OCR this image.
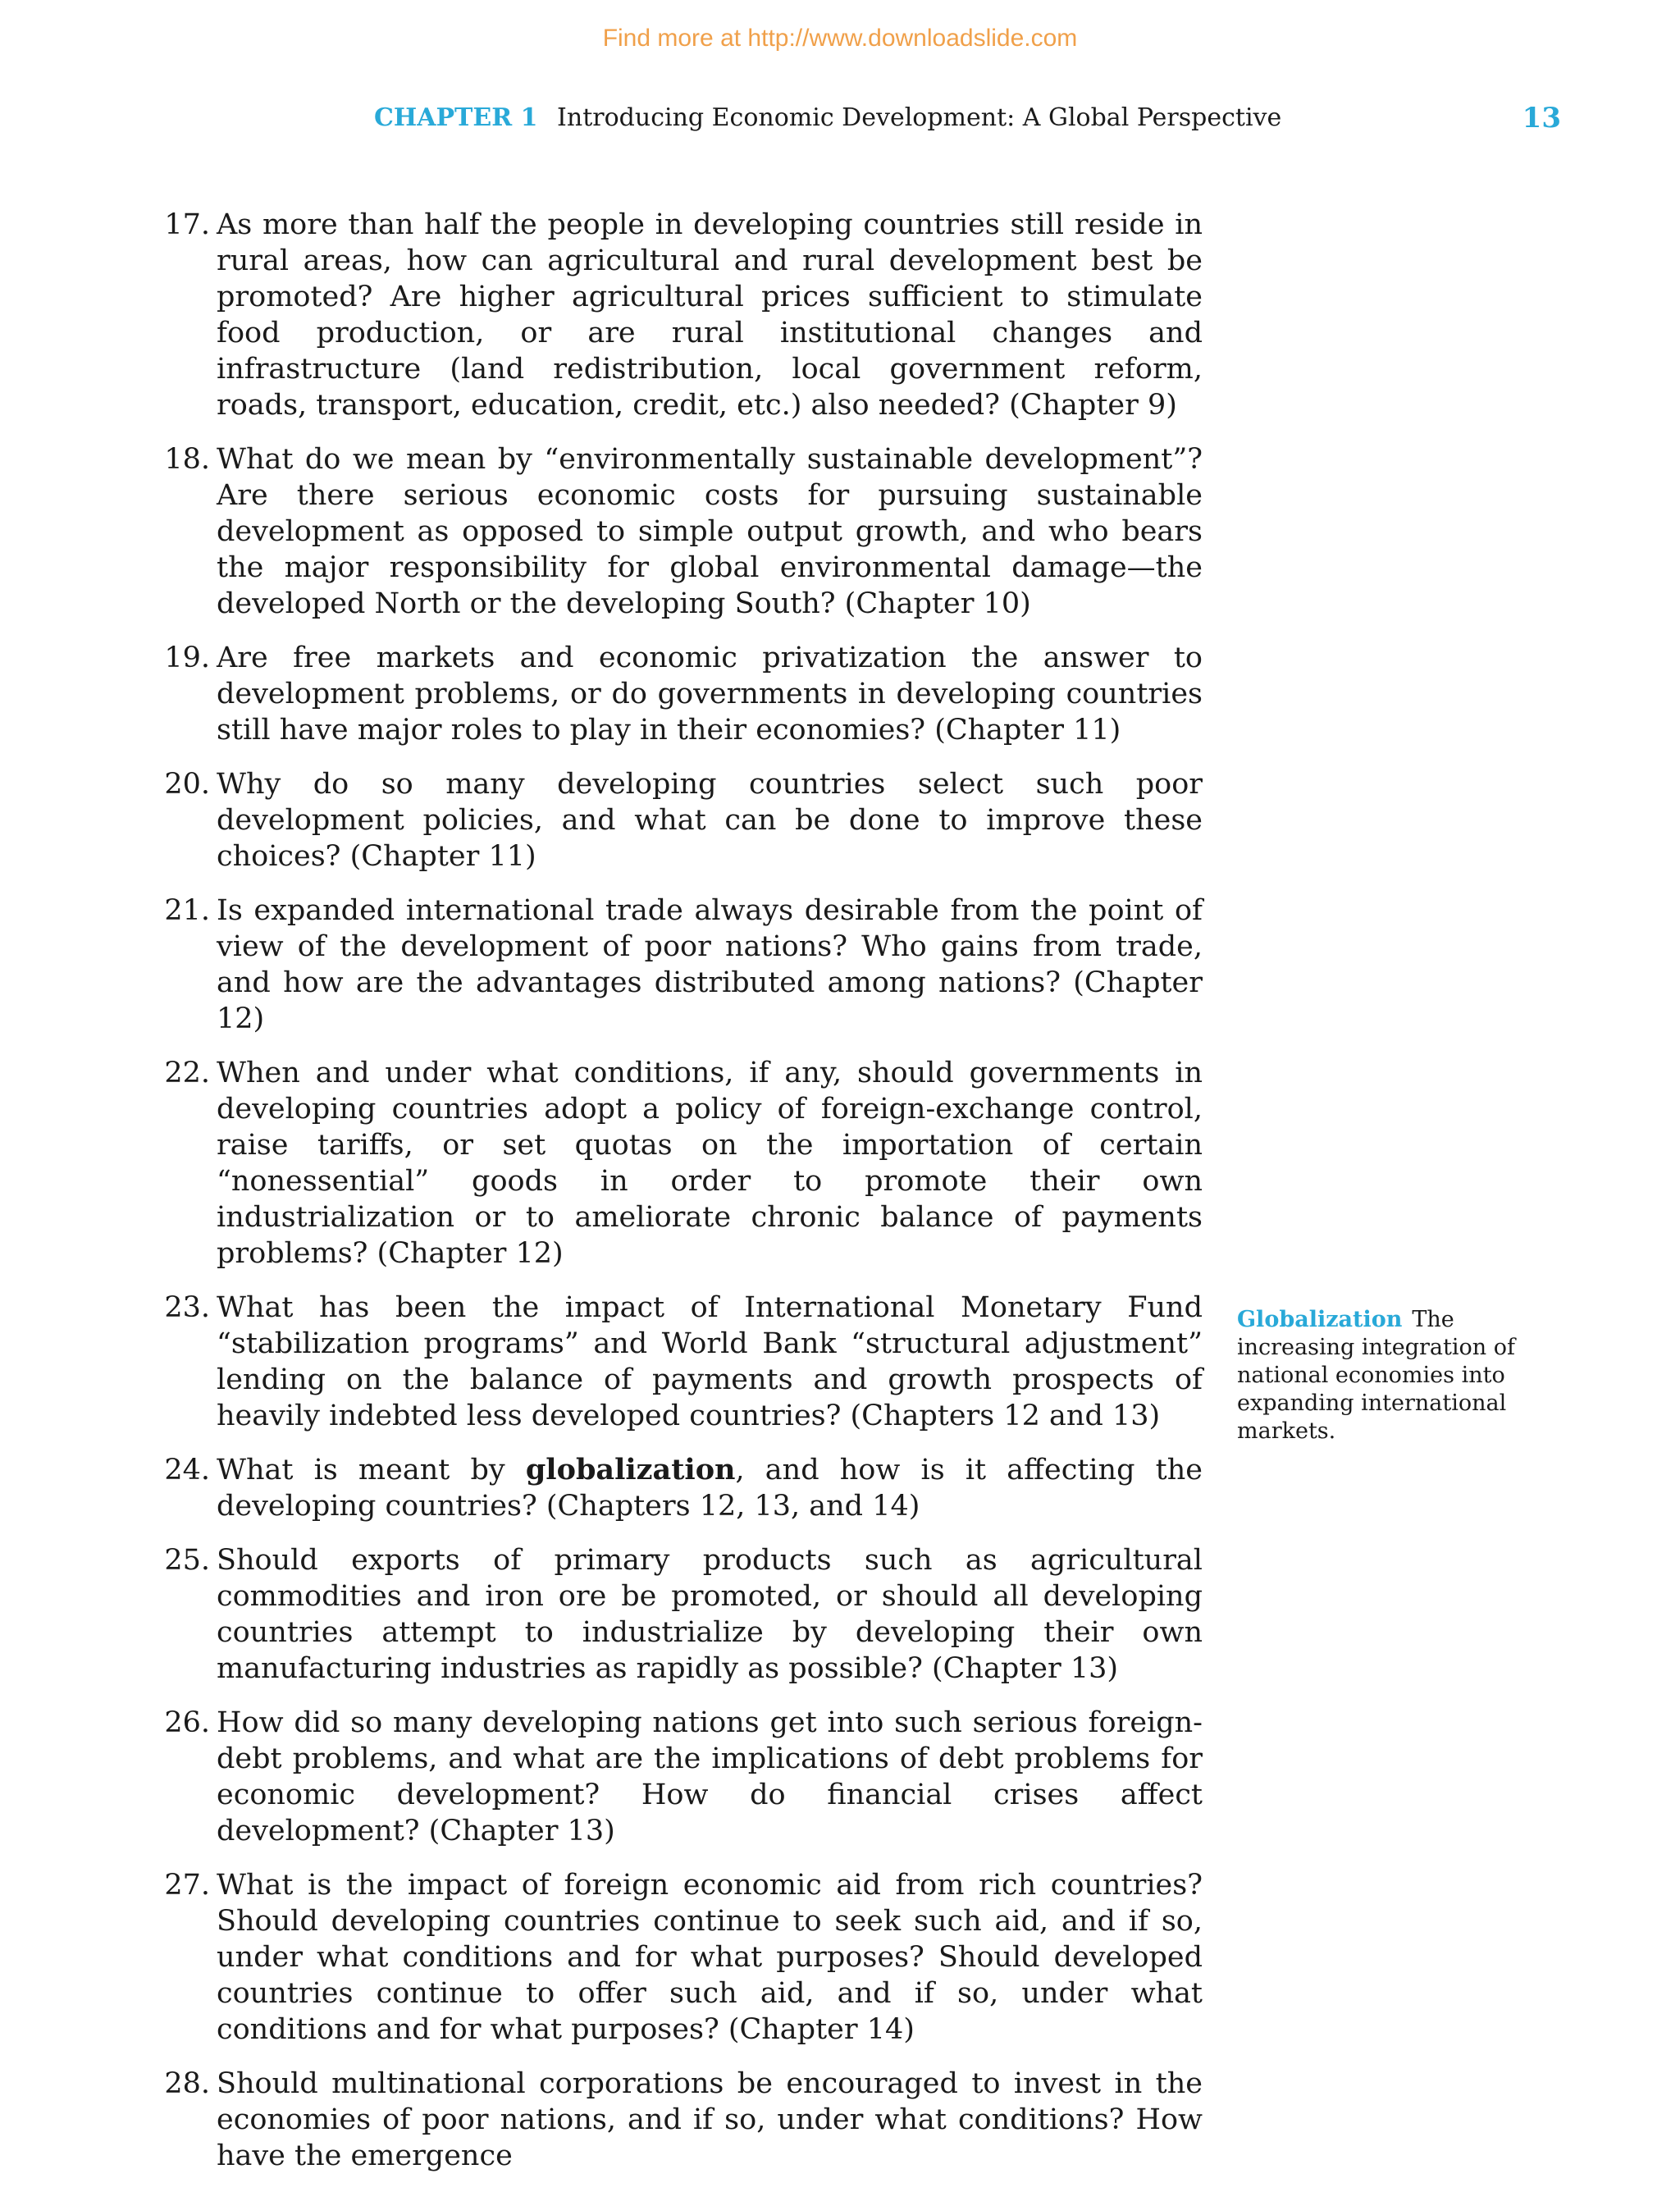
Find more at http://www.downloadslide.com
CHAPTER 1 Introducing Economic Development: A Global Perspective	13
17. As more than half the people in developing countries still reside in rural areas, how can agricultural and rural development best be promoted? Are higher agricultural prices sufficient to stimulate food production, or are rural institutional changes and infrastructure (land redistribution, local government reform, roads, transport, education, credit, etc.) also needed? (Chapter 9)
18. What do we mean by “environmentally sustainable development”? Are there serious economic costs for pursuing sustainable development as opposed to simple output growth, and who bears the major responsibility for global environmental damage—the developed North or the developing South? (Chapter 10)
19. Are free markets and economic privatization the answer to development problems, or do governments in developing countries still have major roles to play in their economies? (Chapter 11)
20. Why do so many developing countries select such poor development policies, and what can be done to improve these choices? (Chapter 11)
21. Is expanded international trade always desirable from the point of view of the development of poor nations? Who gains from trade, and how are the advantages distributed among nations? (Chapter 12)
22. When and under what conditions, if any, should governments in developing countries adopt a policy of foreign-exchange control, raise tariffs, or set quotas on the importation of certain “nonessential” goods in order to promote their own industrialization or to ameliorate chronic balance of payments problems? (Chapter 12)
23. What has been the impact of International Monetary Fund “stabilization programs” and World Bank “structural adjustment” lending on the balance of payments and growth prospects of heavily indebted less developed countries? (Chapters 12 and 13)
24. What is meant by globalization, and how is it affecting the developing countries? (Chapters 12, 13, and 14)
25. Should exports of primary products such as agricultural commodities and iron ore be promoted, or should all developing countries attempt to industrialize by developing their own manufacturing industries as rapidly as possible? (Chapter 13)
26. How did so many developing nations get into such serious foreign-debt problems, and what are the implications of debt problems for economic development? How do financial crises affect development? (Chapter 13)
27. What is the impact of foreign economic aid from rich countries? Should developing countries continue to seek such aid, and if so, under what conditions and for what purposes? Should developed countries continue to offer such aid, and if so, under what conditions and for what purposes? (Chapter 14)
28. Should multinational corporations be encouraged to invest in the economies of poor nations, and if so, under what conditions? How have the emergence
Globalization The increasing integration of national economies into expanding international markets.
